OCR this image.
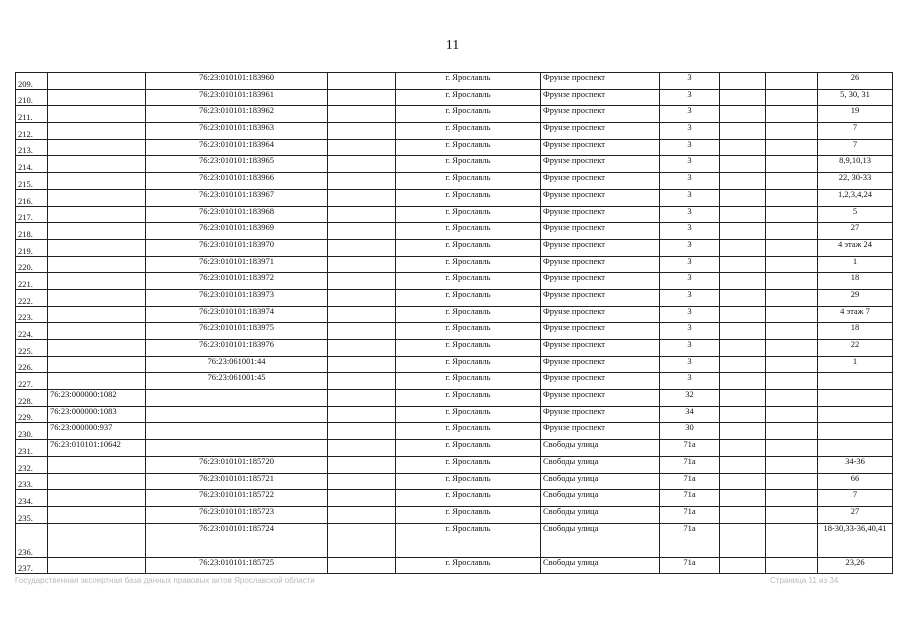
11
209.		76:23:010101:183960		г. Ярославль	Фрунзе проспект	3			26
210.		76:23:010101:183961		г. Ярославль	Фрунзе проспект	3			5, 30, 31
211.		76:23:010101:183962		г. Ярославль	Фрунзе проспект	3			19
212.		76:23:010101:183963		г. Ярославль	Фрунзе проспект	3			7
213.		76:23:010101:183964		г. Ярославль	Фрунзе проспект	3			7
214.		76:23:010101:183965		г. Ярославль	Фрунзе проспект	3			8,9,10,13
215.		76:23:010101:183966		г. Ярославль	Фрунзе проспект	3			22, 30-33
216.		76:23:010101:183967		г. Ярославль	Фрунзе проспект	3			1,2,3,4,24
217.		76:23:010101:183968		г. Ярославль	Фрунзе проспект	3			5
218.		76:23:010101:183969		г. Ярославль	Фрунзе проспект	3			27
219.		76:23:010101:183970		г. Ярославль	Фрунзе проспект	3			4 этаж 24
220.		76:23:010101:183971		г. Ярославль	Фрунзе проспект	3			1
221.		76:23:010101:183972		г. Ярославль	Фрунзе проспект	3			18
222.		76:23:010101:183973		г. Ярославль	Фрунзе проспект	3			29
223.		76:23:010101:183974		г. Ярославль	Фрунзе проспект	3			4 этаж 7
224.		76:23:010101:183975		г. Ярославль	Фрунзе проспект	3			18
225.		76:23:010101:183976		г. Ярославль	Фрунзе проспект	3			22
226.		76:23:061001:44		г. Ярославль	Фрунзе проспект	3			1
227.		76:23:061001:45		г. Ярославль	Фрунзе проспект	3			
228.	76:23:000000:1082			г. Ярославль	Фрунзе проспект	32			
229.	76:23:000000:1083			г. Ярославль	Фрунзе проспект	34			
230.	76:23:000000:937			г. Ярославль	Фрунзе проспект	30			
231.	76:23:010101:10642			г. Ярославль	Свободы улица	71а			
232.		76:23:010101:185720		г. Ярославль	Свободы улица	71а			34-36
233.		76:23:010101:185721		г. Ярославль	Свободы улица	71а			66
234.		76:23:010101:185722		г. Ярославль	Свободы улица	71а			7
235.		76:23:010101:185723		г. Ярославль	Свободы улица	71а			27
236.		76:23:010101:185724		г. Ярославль	Свободы улица	71а			18-30,33-36,40,41
237.		76:23:010101:185725		г. Ярославль	Свободы улица	71а			23,26
Государственная экспертная база данных правовых актов Ярославской области	Страница 11 из 34
